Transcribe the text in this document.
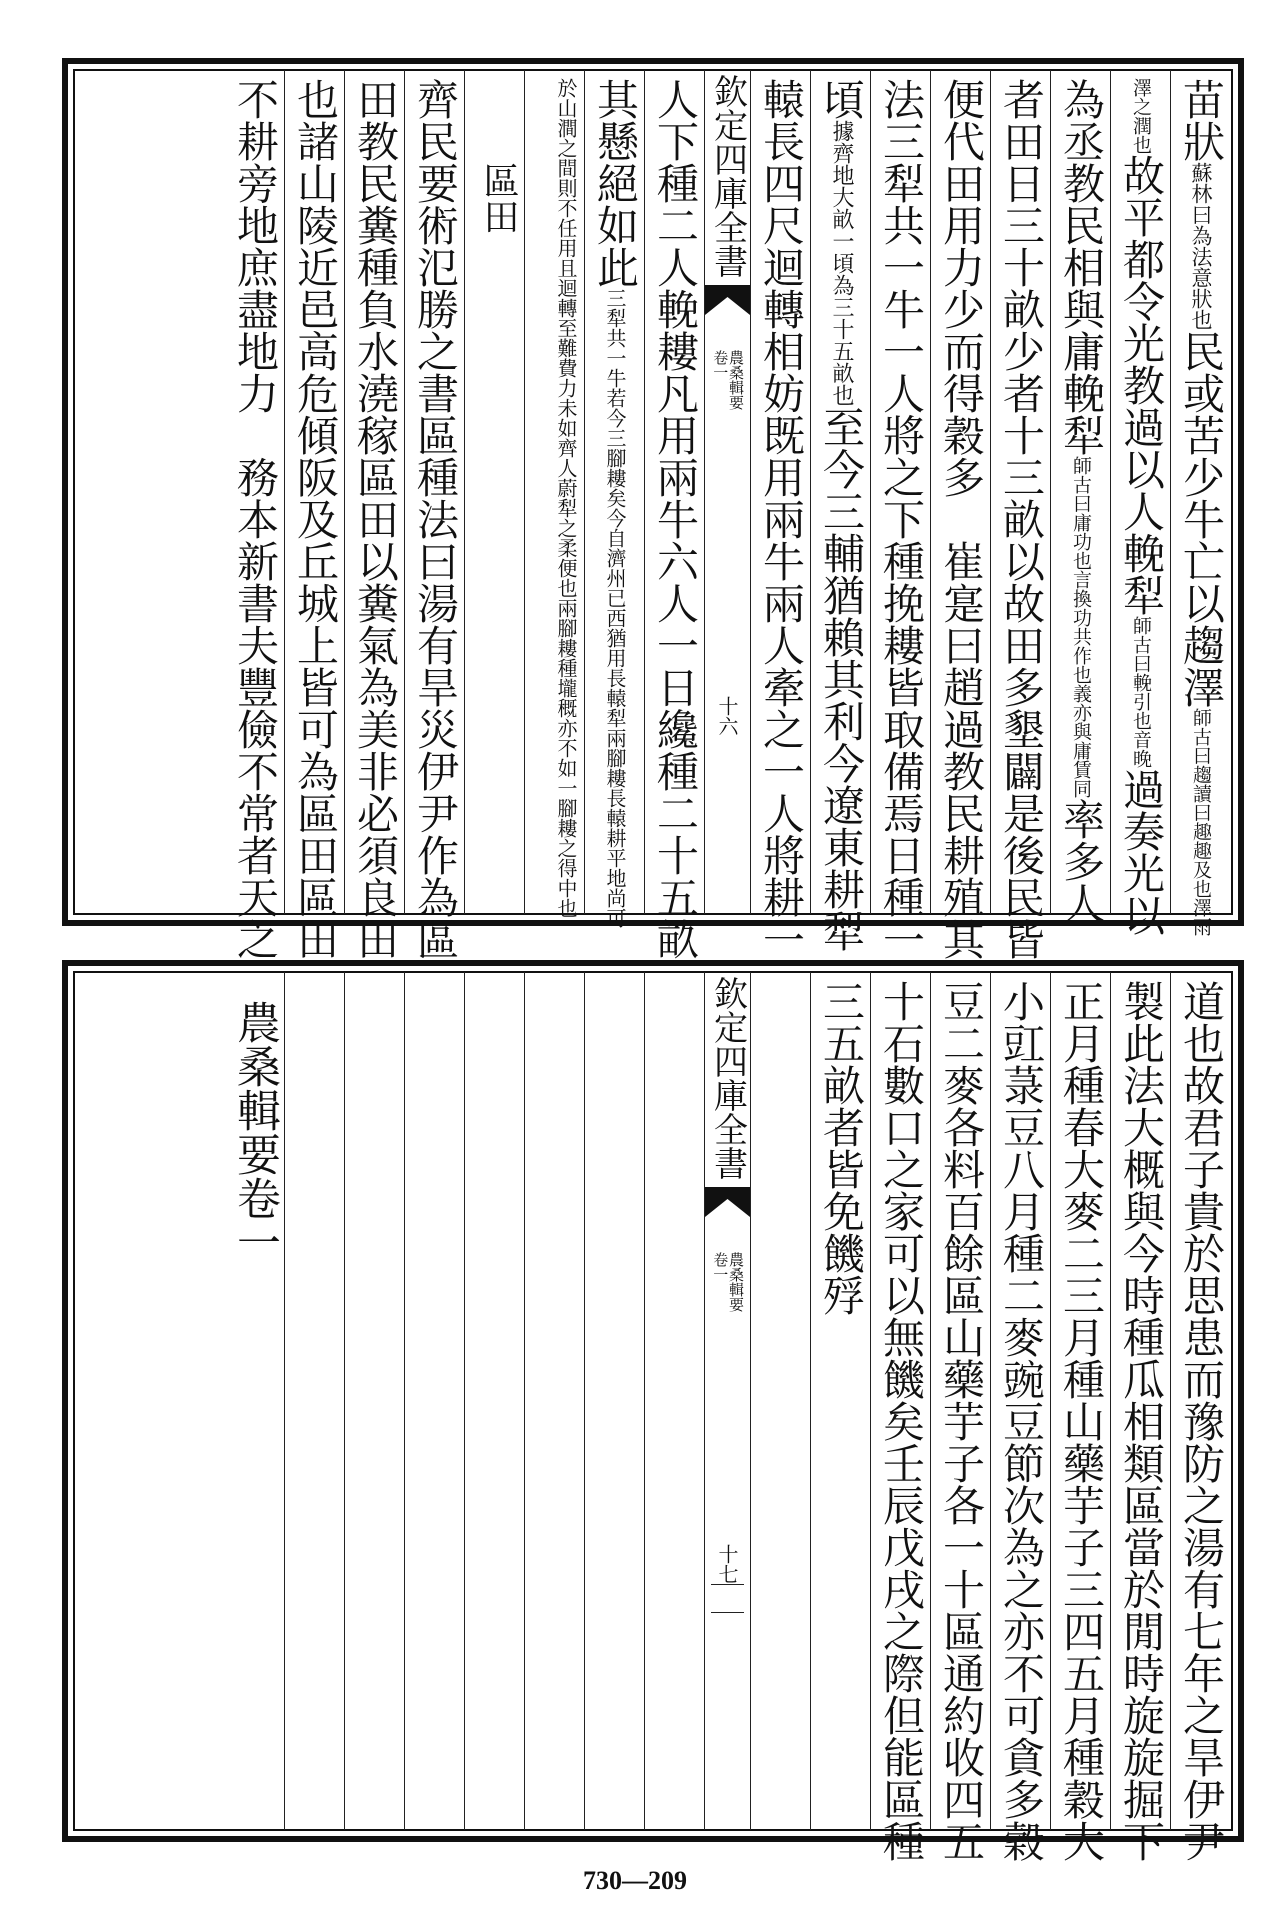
苗狀蘇林曰為法意狀也民或苦少牛亡以趨澤師古曰趨讀曰趣趣及也澤雨
澤之潤也故平都令光教過以人輓犁師古曰輓引也音晚過奏光以
為丞教民相與庸輓犁師古曰庸功也言換功共作也義亦與庸賃同率多人
者田日三十畝少者十三畝以故田多墾闢是後民皆
便代田用力少而得穀多　崔寔曰趙過教民耕殖其
法三犁共一牛一人將之下種挽耬皆取備焉日種一
頃據齊地大畝一頃為三十五畝也至今三輔猶賴其利今遼東耕犁
轅長四尺迴轉相妨既用兩牛兩人牽之一人將耕一
欽定四庫全書
農桑輯要
卷一
十六
人下種二人輓耬凡用兩牛六人一日纔種二十五畝
其懸絕如此三犁共一牛若今三腳耬矣今自濟州已西猶用長轅犁兩腳耬長轅耕平地尚可
於山澗之間則不任用且迴轉至難費力未如齊人蔚犁之柔便也兩腳耬種壠穊亦不如一腳耬之得中也
區田
齊民要術氾勝之書區種法曰湯有旱災伊尹作為區
田教民糞種負水澆稼區田以糞氣為美非必須良田
也諸山陵近邑高危傾阪及丘城上皆可為區田區田
不耕旁地庶盡地力　務本新書夫豐儉不常者天之
道也故君子貴於思患而豫防之湯有七年之旱伊尹
製此法大概與今時種瓜相類區當於閒時旋旋掘下
正月種春大麥二三月種山藥芋子三四五月種穀大
小豇菉豆八月種二麥豌豆節次為之亦不可貪多穀
豆二麥各料百餘區山藥芋子各一十區通約收四五
十石數口之家可以無饑矣壬辰戊戌之際但能區種
三五畝者皆免饑殍
欽定四庫全書
農桑輯要
卷一
十七
農桑輯要卷一
730—209
